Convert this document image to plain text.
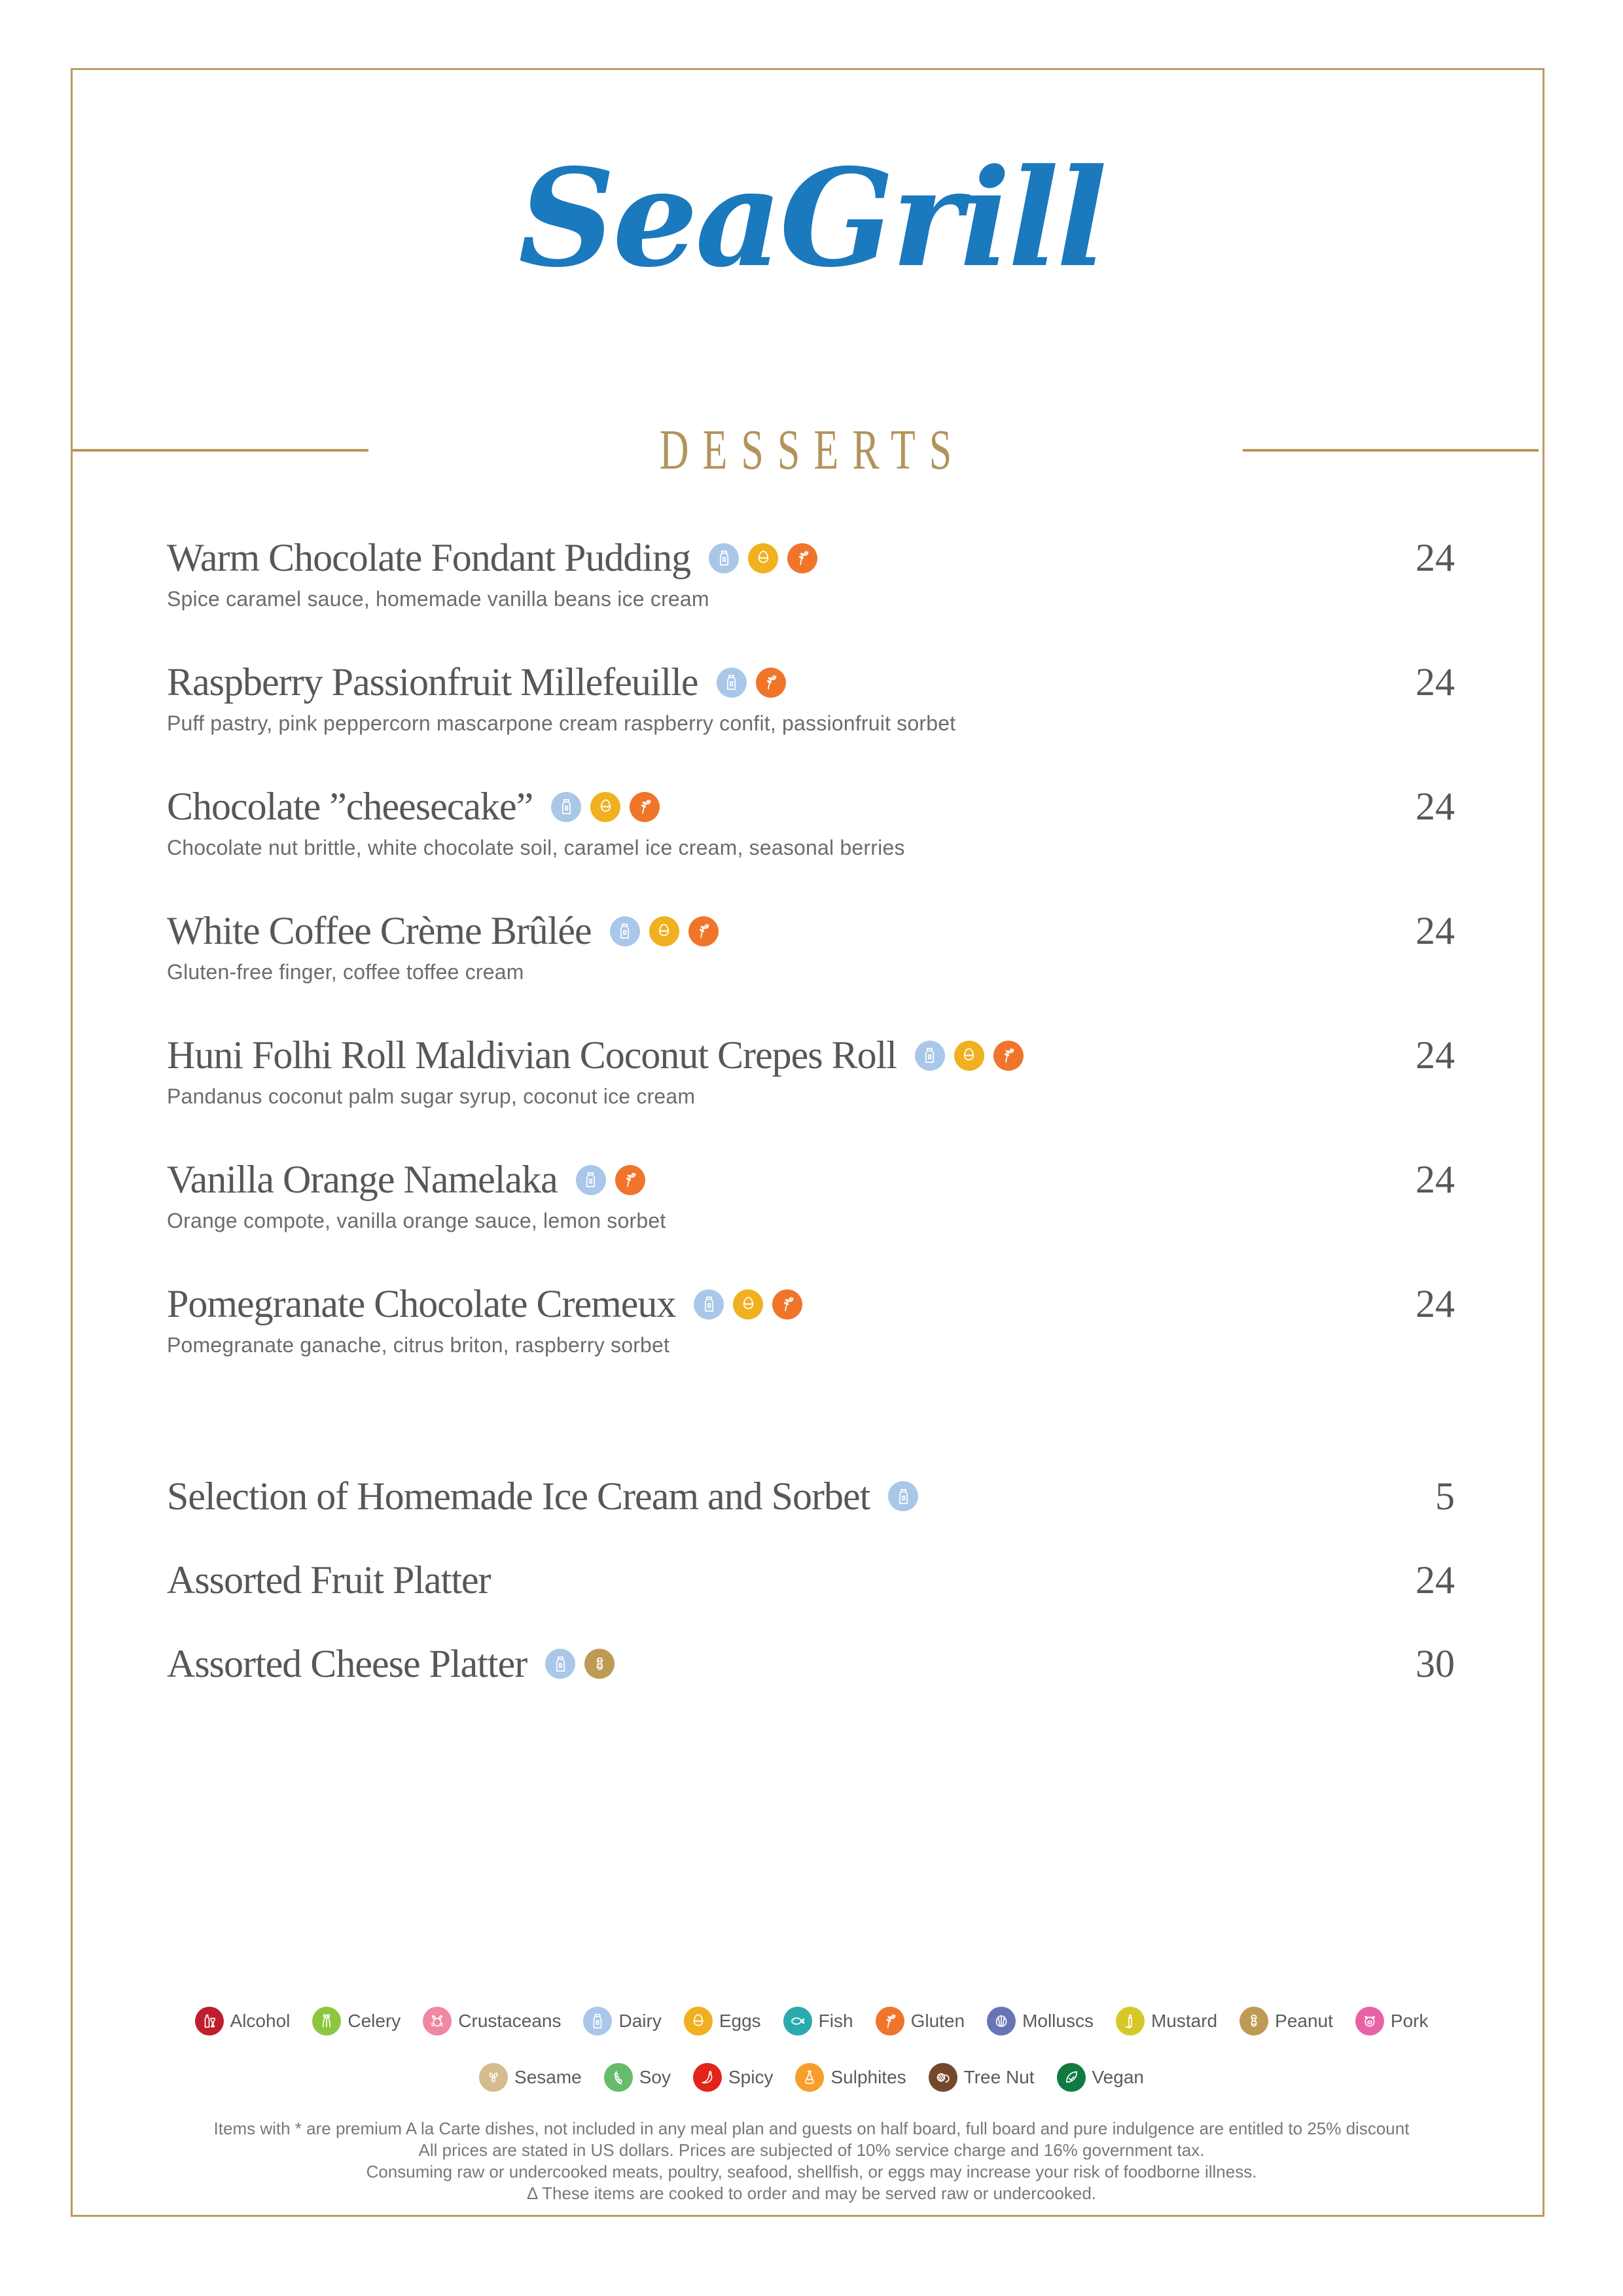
SeaGrill
DESSERTS
Warm Chocolate Fondant Pudding	24
Spice caramel sauce, homemade vanilla beans ice cream
Raspberry Passionfruit Millefeuille	24
Puff pastry, pink peppercorn mascarpone cream raspberry confit, passionfruit sorbet
Chocolate ”cheesecake”	24
Chocolate nut brittle, white chocolate soil, caramel ice cream, seasonal berries
White Coffee Crème Brûlée	24
Gluten-free finger, coffee toffee cream
Huni Folhi Roll Maldivian Coconut Crepes Roll	24
Pandanus coconut palm sugar syrup, coconut ice cream
Vanilla Orange Namelaka	24
Orange compote, vanilla orange sauce, lemon sorbet
Pomegranate Chocolate Cremeux	24
Pomegranate ganache, citrus briton, raspberry sorbet
Selection of Homemade Ice Cream and Sorbet	5
Assorted Fruit Platter	24
Assorted Cheese Platter	30
Alcohol	Celery	Crustaceans	Dairy	Eggs	Fish	Gluten	Molluscs	Mustard	Peanut	Pork
Sesame	Soy	Spicy	Sulphites	Tree Nut	Vegan
Items with * are premium A la Carte dishes, not included in any meal plan and guests on half board, full board and pure indulgence are entitled to 25% discount
All prices are stated in US dollars. Prices are subjected of 10% service charge and 16% government tax.
Consuming raw or undercooked meats, poultry, seafood, shellfish, or eggs may increase your risk of foodborne illness.
Δ These items are cooked to order and may be served raw or undercooked.
